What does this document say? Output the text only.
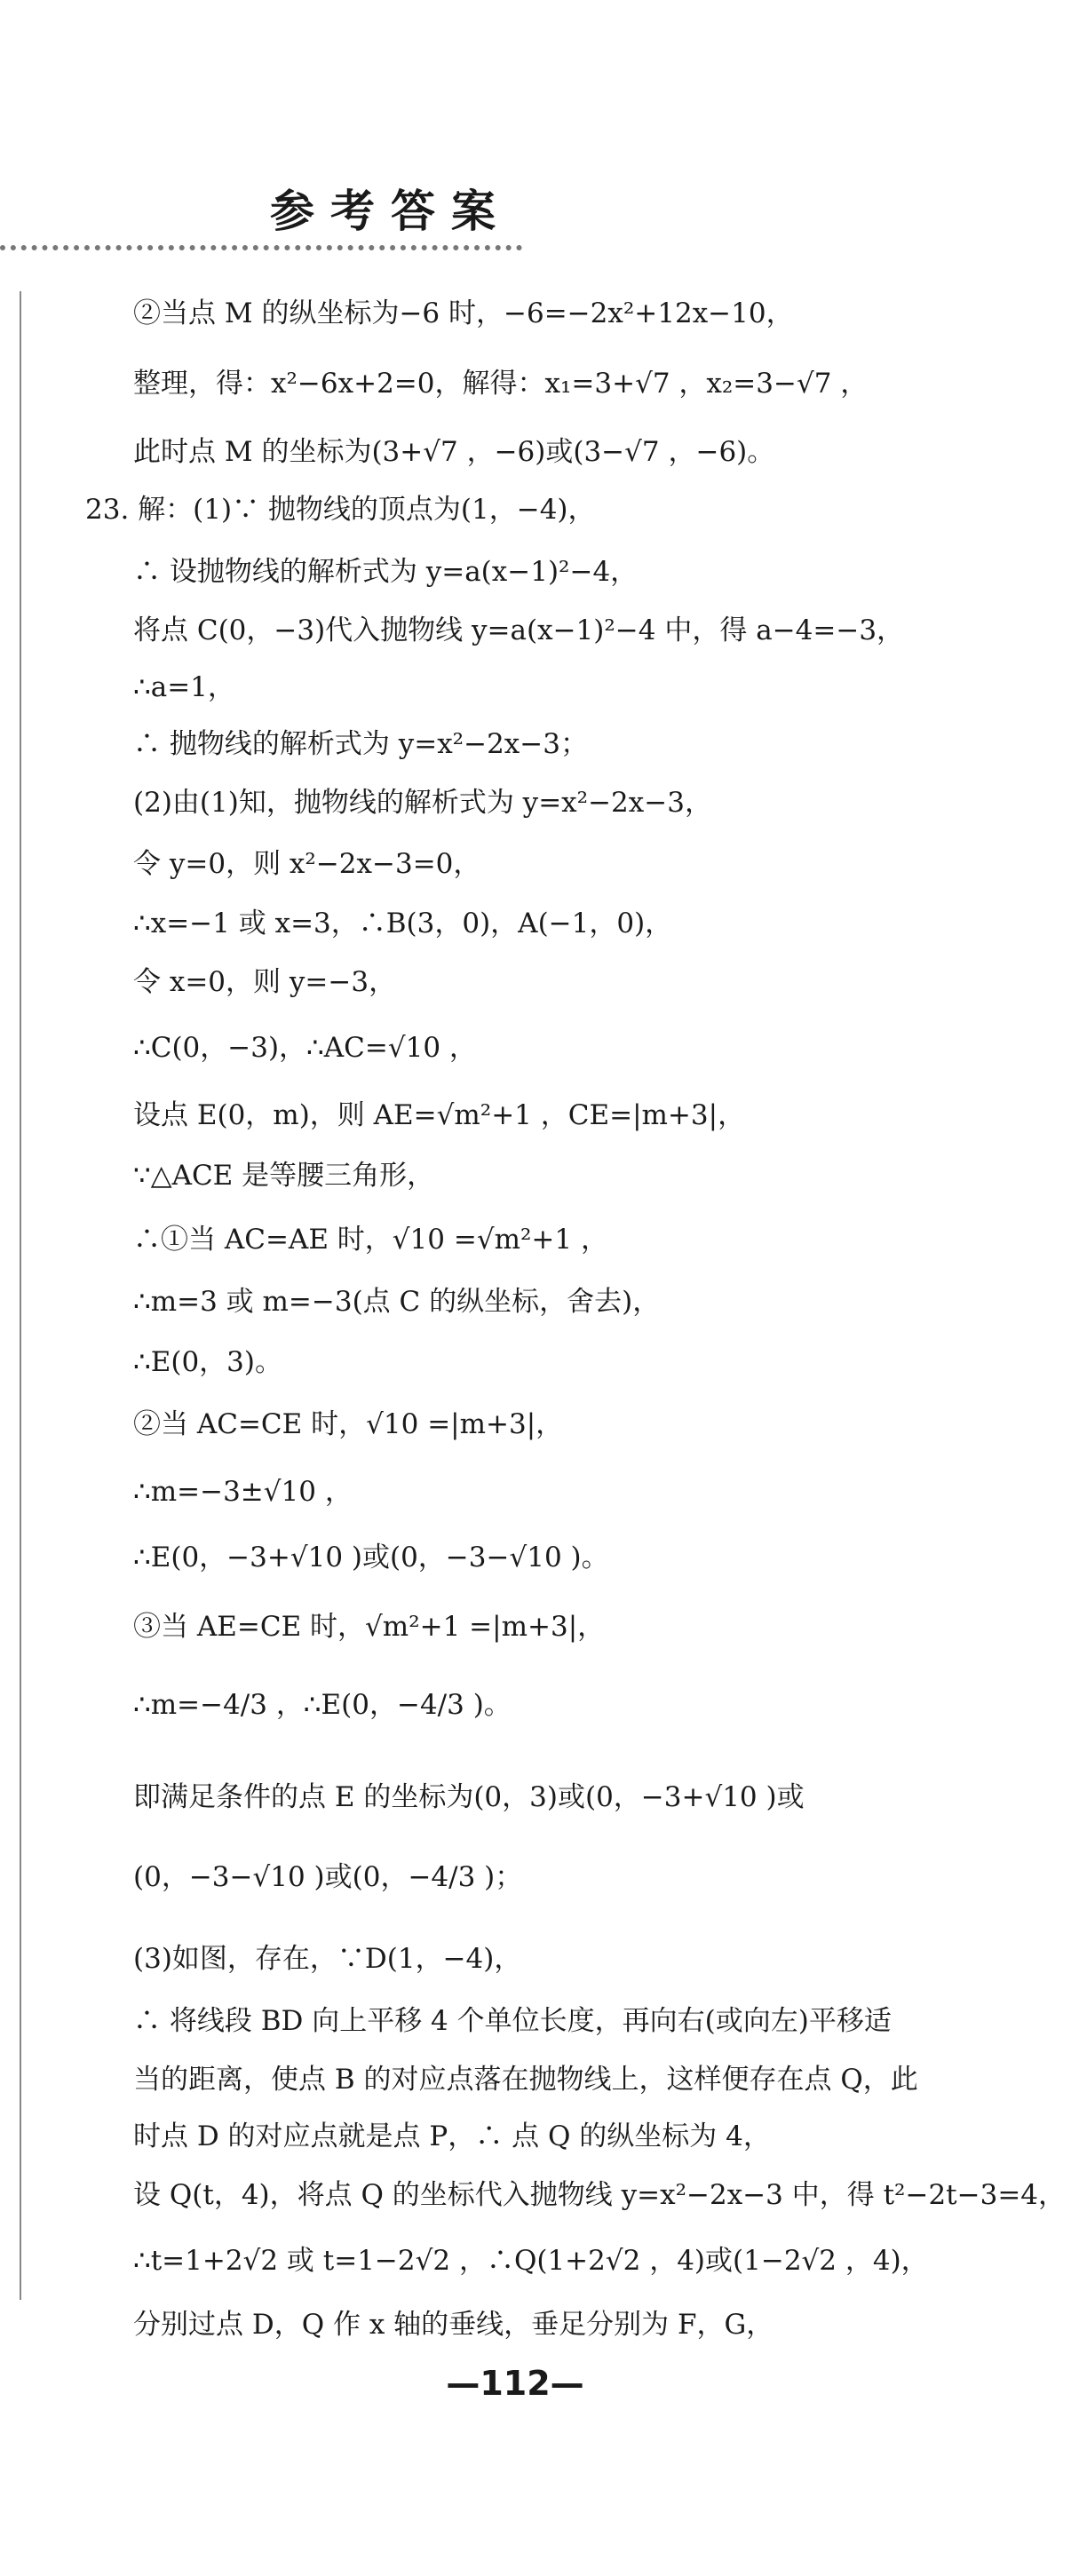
参考答案
②当点 M 的纵坐标为−6 时，−6=−2x²+12x−10，
整理，得：x²−6x+2=0，解得：x₁=3+√7 ，x₂=3−√7 ，
此时点 M 的坐标为(3+√7 ，−6)或(3−√7 ，−6)。
23. 解：(1)∵ 抛物线的顶点为(1，−4)，
∴ 设抛物线的解析式为 y=a(x−1)²−4，
将点 C(0，−3)代入抛物线 y=a(x−1)²−4 中，得 a−4=−3，
∴a=1，
∴ 抛物线的解析式为 y=x²−2x−3；
(2)由(1)知，抛物线的解析式为 y=x²−2x−3，
令 y=0，则 x²−2x−3=0，
∴x=−1 或 x=3，∴B(3，0)，A(−1，0)，
令 x=0，则 y=−3，
∴C(0，−3)，∴AC=√10 ，
设点 E(0，m)，则 AE=√m²+1 ，CE=|m+3|，
∵△ACE 是等腰三角形，
∴①当 AC=AE 时，√10 =√m²+1 ，
∴m=3 或 m=−3(点 C 的纵坐标，舍去)，
∴E(0，3)。
②当 AC=CE 时，√10 =|m+3|，
∴m=−3±√10 ，
∴E(0，−3+√10 )或(0，−3−√10 )。
③当 AE=CE 时，√m²+1 =|m+3|，
∴m=−4/3 ，∴E(0，−4/3 )。
即满足条件的点 E 的坐标为(0，3)或(0，−3+√10 )或
(0，−3−√10 )或(0，−4/3 )；
(3)如图，存在，∵D(1，−4)，
∴ 将线段 BD 向上平移 4 个单位长度，再向右(或向左)平移适
当的距离，使点 B 的对应点落在抛物线上，这样便存在点 Q，此
时点 D 的对应点就是点 P，∴ 点 Q 的纵坐标为 4，
设 Q(t，4)，将点 Q 的坐标代入抛物线 y=x²−2x−3 中，得 t²−2t−3=4，
∴t=1+2√2 或 t=1−2√2 ，∴Q(1+2√2 ，4)或(1−2√2 ，4)，
分别过点 D，Q 作 x 轴的垂线，垂足分别为 F，G，
—112—
